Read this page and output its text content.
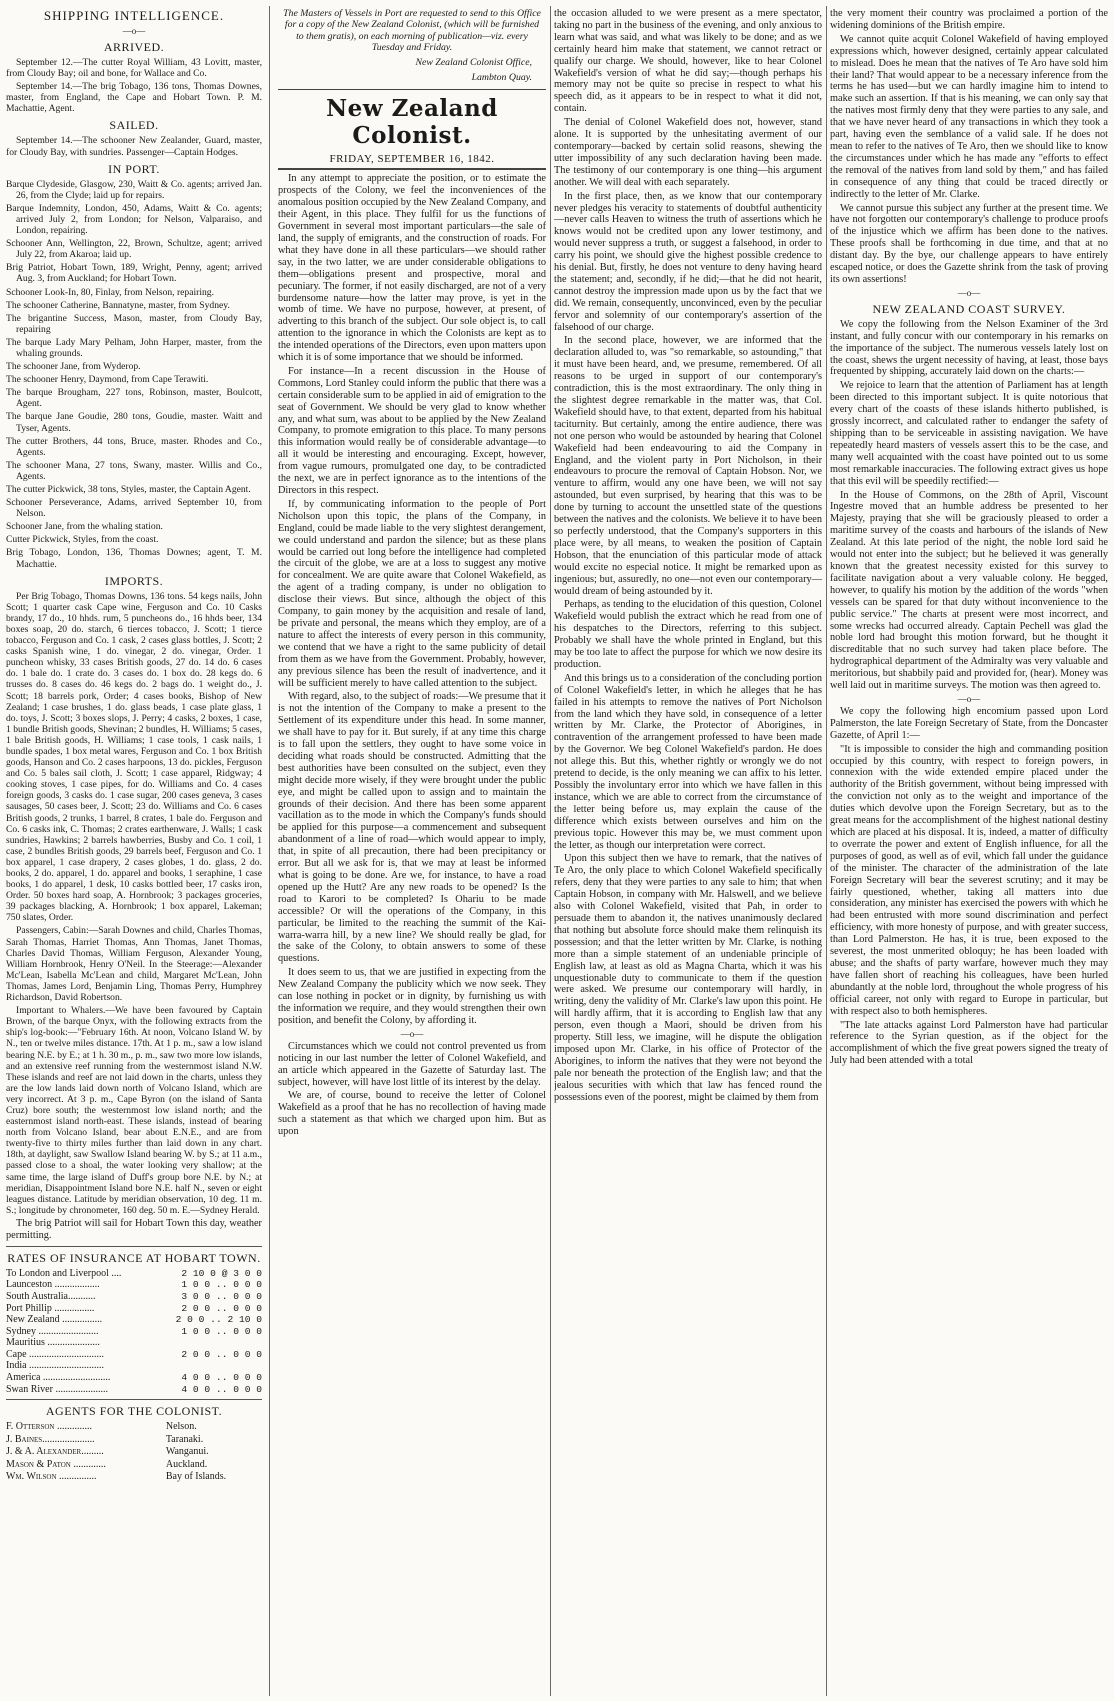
SHIPPING INTELLIGENCE.
—o—
ARRIVED.

September 12.—The cutter Royal William, 43 Lovitt, master, from Cloudy Bay; oil and bone, for Wallace and Co.

September 14.—The brig Tobago, 136 tons, Thomas Downes, master, from England, the Cape and Hobart Town. P. M. Machattie, Agent.

SAILED.

September 14.—The schooner New Zealander, Guard, master, for Cloudy Bay, with sundries. Passenger—Captain Hodges.

IN PORT.

Barque Clydeside, Glasgow, 230, Waitt & Co. agents; arrived Jan. 26, from the Clyde; laid up for repairs.

Barque Indemnity, London, 450, Adams, Waitt & Co. agents; arrived July 2, from London; for Nelson, Valparaiso, and London, repairing.

Schooner Ann, Wellington, 22, Brown, Schultze, agent; arrived July 22, from Akaroa; laid up.

Brig Patriot, Hobart Town, 189, Wright, Penny, agent; arrived Aug. 3, from Auckland; for Hobart Town.

Schooner Look-In, 80, Finlay, from Nelson, repairing.

The schooner Catherine, Bannatyne, master, from Sydney.

The brigantine Success, Mason, master, from Cloudy Bay, repairing

The barque Lady Mary Pelham, John Harper, master, from the whaling grounds.

The schooner Jane, from Wyderop.

The schooner Henry, Daymond, from Cape Terawiti.

The barque Brougham, 227 tons, Robinson, master, Boulcott, Agent.

The barque Jane Goudie, 280 tons, Goudie, master. Waitt and Tyser, Agents.

The cutter Brothers, 44 tons, Bruce, master. Rhodes and Co., Agents.

The schooner Mana, 27 tons, Swany, master. Willis and Co., Agents.

The cutter Pickwick, 38 tons, Styles, master, the Captain Agent.

Schooner Perseverance, Adams, arrived September 10, from Nelson.

Schooner Jane, from the whaling station.

Cutter Pickwick, Styles, from the coast.

Brig Tobago, London, 136, Thomas Downes; agent, T. M. Machattie.

IMPORTS.

Per Brig Tobago, Thomas Downs, 136 tons. 54 kegs nails, John Scott; 1 quarter cask Cape wine, Ferguson and Co. 10 Casks brandy, 17 do., 10 hhds. rum, 5 puncheons do., 16 hhds beer, 134 boxes soap, 20 do. starch, 6 tierces tobacco, J. Scott; 1 tierce tobacco, Ferguson and Co. 1 cask, 2 cases glass bottles, J. Scott; 2 casks Spanish wine, 1 do. vinegar, 2 do. vinegar, Order. 1 puncheon whisky, 33 cases British goods, 27 do. 14 do. 6 cases do. 1 bale do. 1 crate do. 3 cases do. 1 box do. 28 kegs do. 6 trusses do. 8 cases do. 46 kegs do. 2 bags do. 1 weight do., J. Scott; 18 barrels pork, Order; 4 cases books, Bishop of New Zealand; 1 case brushes, 1 do. glass beads, 1 case plate glass, 1 do. toys, J. Scott; 3 boxes slops, J. Perry; 4 casks, 2 boxes, 1 case, 1 bundle British goods, Shevinan; 2 bundles, H. Williams; 5 cases, 1 bale British goods, H. Williams; 1 case tools, 1 cask nails, 1 bundle spades, 1 box metal wares, Ferguson and Co. 1 box British goods, Hanson and Co. 2 cases harpoons, 13 do. pickles, Ferguson and Co. 5 bales sail cloth, J. Scott; 1 case apparel, Ridgway; 4 cooking stoves, 1 case pipes, for do. Williams and Co. 4 cases foreign goods, 3 casks do. 1 case sugar, 200 cases geneva, 3 cases sausages, 50 cases beer, J. Scott; 23 do. Williams and Co. 6 cases British goods, 2 trunks, 1 barrel, 8 crates, 1 bale do. Ferguson and Co. 6 casks ink, C. Thomas; 2 crates earthenware, J. Walls; 1 cask sundries, Hawkins; 2 barrels hawberries, Busby and Co. 1 coil, 1 case, 2 bundles British goods, 29 barrels beef, Ferguson and Co. 1 box apparel, 1 case drapery, 2 cases globes, 1 do. glass, 2 do. books, 2 do. apparel, 1 do. apparel and books, 1 seraphine, 1 case books, 1 do apparel, 1 desk, 10 casks bottled beer, 17 casks iron, Order. 50 boxes hard soap, A. Hornbrook; 3 packages groceries, 39 packages blacking, A. Hornbrook; 1 box apparel, Lakeman; 750 slates, Order.

Passengers, Cabin:—Sarah Downes and child, Charles Thomas, Sarah Thomas, Harriet Thomas, Ann Thomas, Janet Thomas, Charles David Thomas, William Ferguson, Alexander Young, William Hornbrook, Henry O'Neil. In the Steerage:—Alexander Mc'Lean, Isabella Mc'Lean and child, Margaret Mc'Lean, John Thomas, James Lord, Benjamin Ling, Thomas Perry, Humphrey Richardson, David Robertson.

Important to Whalers.—We have been favoured by Captain Brown, of the barque Onyx, with the following extracts from the ship's log-book:—"February 16th. At noon, Volcano Island W. by N., ten or twelve miles distance. 17th. At 1 p. m., saw a low island bearing N.E. by E.; at 1 h. 30 m., p. m., saw two more low islands, and an extensive reef running from the westernmost island N.W. These islands and reef are not laid down in the charts, unless they are the low lands laid down north of Volcano Island, which are very incorrect. At 3 p. m., Cape Byron (on the island of Santa Cruz) bore south; the westernmost low island north; and the easternmost island north-east. These islands, instead of bearing north from Volcano Island, bear about E.N.E., and are from twenty-five to thirty miles further than laid down in any chart. 18th, at daylight, saw Swallow Island bearing W. by S.; at 11 a.m., passed close to a shoal, the water looking very shallow; at the same time, the large island of Duff's group bore N.E. by N.; at meridian, Disappointment Island bore N.E. half N., seven or eight leagues distance. Latitude by meridian observation, 10 deg. 11 m. S.; longitude by chronometer, 160 deg. 50 m. E.—Sydney Herald.

The brig Patriot will sail for Hobart Town this day, weather permitting.

RATES OF INSURANCE AT HOBART TOWN.
To London and Liverpool ....	2 10 0 @ 3 0 0
Launceston ..................	1 0 0 .. 0 0 0
South Australia...........	3 0 0 .. 0 0 0
Port Phillip ................	2 0 0 .. 0 0 0
New Zealand ................	2 0 0 .. 2 10 0
Sydney ........................	1 0 0 .. 0 0 0
Mauritius .....................	
Cape ..............................	2 0 0 .. 0 0 0
India ..............................	
America ...........................	4 0 0 .. 0 0 0
Swan River .....................	4 0 0 .. 0 0 0
AGENTS FOR THE COLONIST.
F. Otterson ..............	Nelson.
J. Baines.....................	Taranaki.
J. & A. Alexander.........	Wanganui.
Mason & Paton .............	Auckland.
Wm. Wilson ...............	Bay of Islands.
The Masters of Vessels in Port are requested to send to this Office for a copy of the New Zealand Colonist, (which will be furnished to them gratis), on each morning of publication—viz. every Tuesday and Friday.
New Zealand Colonist Office,
Lambton Quay.
New Zealand Colonist.
FRIDAY, SEPTEMBER 16, 1842.

In any attempt to appreciate the position, or to estimate the prospects of the Colony, we feel the inconveniences of the anomalous position occupied by the New Zealand Company, and their Agent, in this place. They fulfil for us the functions of Government in several most important particulars—the sale of land, the supply of emigrants, and the construction of roads. For what they have done in all these particulars—we should rather say, in the two latter, we are under considerable obligations to them—obligations present and prospective, moral and pecuniary. The former, if not easily discharged, are not of a very burdensome nature—how the latter may prove, is yet in the womb of time. We have no purpose, however, at present, of adverting to this branch of the subject. Our sole object is, to call attention to the ignorance in which the Colonists are kept as to the intended operations of the Directors, even upon matters upon which it is of some importance that we should be informed.

For instance—In a recent discussion in the House of Commons, Lord Stanley could inform the public that there was a certain considerable sum to be applied in aid of emigration to the seat of Government. We should be very glad to know whether any, and what sum, was about to be applied by the New Zealand Company, to promote emigration to this place. To many persons this information would really be of considerable advantage—to all it would be interesting and encouraging. Except, however, from vague rumours, promulgated one day, to be contradicted the next, we are in perfect ignorance as to the intentions of the Directors in this respect.

If, by communicating information to the people of Port Nicholson upon this topic, the plans of the Company, in England, could be made liable to the very slightest derangement, we could understand and pardon the silence; but as these plans would be carried out long before the intelligence had completed the circuit of the globe, we are at a loss to suggest any motive for concealment. We are quite aware that Colonel Wakefield, as the agent of a trading company, is under no obligation to disclose their views. But since, although the object of this Company, to gain money by the acquisition and resale of land, be private and personal, the means which they employ, are of a nature to affect the interests of every person in this community, we contend that we have a right to the same publicity of detail from them as we have from the Government. Probably, however, any previous silence has been the result of inadvertence, and it will be sufficient merely to have called attention to the subject.

With regard, also, to the subject of roads:—We presume that it is not the intention of the Company to make a present to the Settlement of its expenditure under this head. In some manner, we shall have to pay for it. But surely, if at any time this charge is to fall upon the settlers, they ought to have some voice in deciding what roads should be constructed. Admitting that the best authorities have been consulted on the subject, even they might decide more wisely, if they were brought under the public eye, and might be called upon to assign and to maintain the grounds of their decision. And there has been some apparent vacillation as to the mode in which the Company's funds should be applied for this purpose—a commencement and subsequent abandonment of a line of road—which would appear to imply, that, in spite of all precaution, there had been precipitancy or error. But all we ask for is, that we may at least be informed what is going to be done. Are we, for instance, to have a road opened up the Hutt? Are any new roads to be opened? Is the road to Karori to be completed? Is Ohariu to be made accessible? Or will the operations of the Company, in this particular, be limited to the reaching the summit of the Kai-warra-warra hill, by a new line? We should really be glad, for the sake of the Colony, to obtain answers to some of these questions.

It does seem to us, that we are justified in expecting from the New Zealand Company the publicity which we now seek. They can lose nothing in pocket or in dignity, by furnishing us with the information we require, and they would strengthen their own position, and benefit the Colony, by affording it.

—o—

Circumstances which we could not control prevented us from noticing in our last number the letter of Colonel Wakefield, and an article which appeared in the Gazette of Saturday last. The subject, however, will have lost little of its interest by the delay.

We are, of course, bound to receive the letter of Colonel Wakefield as a proof that he has no recollection of having made such a statement as that which we charged upon him. But as upon

the occasion alluded to we were present as a mere spectator, taking no part in the business of the evening, and only anxious to learn what was said, and what was likely to be done; and as we certainly heard him make that statement, we cannot retract or qualify our charge. We should, however, like to hear Colonel Wakefield's version of what he did say;—though perhaps his memory may not be quite so precise in respect to what his speech did, as it appears to be in respect to what it did not, contain.

The denial of Colonel Wakefield does not, however, stand alone. It is supported by the unhesitating averment of our contemporary—backed by certain solid reasons, shewing the utter impossibility of any such declaration having been made. The testimony of our contemporary is one thing—his argument another. We will deal with each separately.

In the first place, then, as we know that our contemporary never pledges his veracity to statements of doubtful authenticity—never calls Heaven to witness the truth of assertions which he knows would not be credited upon any lower testimony, and would never suppress a truth, or suggest a falsehood, in order to carry his point, we should give the highest possible credence to his denial. But, firstly, he does not venture to deny having heard the statement; and, secondly, if he did;—that he did not hearit, cannot destroy the impression made upon us by the fact that we did. We remain, consequently, unconvinced, even by the peculiar fervor and solemnity of our contemporary's assertion of the falsehood of our charge.

In the second place, however, we are informed that the declaration alluded to, was "so remarkable, so astounding," that it must have been heard, and, we presume, remembered. Of all reasons to be urged in support of our contemporary's contradiction, this is the most extraordinary. The only thing in the slightest degree remarkable in the matter was, that Col. Wakefield should have, to that extent, departed from his habitual taciturnity. But certainly, among the entire audience, there was not one person who would be astounded by hearing that Colonel Wakefield had been endeavouring to aid the Company in England, and the violent party in Port Nicholson, in their endeavours to procure the removal of Captain Hobson. Nor, we venture to affirm, would any one have been, we will not say astounded, but even surprised, by hearing that this was to be done by turning to account the unsettled state of the questions between the natives and the colonists. We believe it to have been so perfectly understood, that the Company's supporters in this place were, by all means, to weaken the position of Captain Hobson, that the enunciation of this particular mode of attack would excite no especial notice. It might be remarked upon as ingenious; but, assuredly, no one—not even our contemporary—would dream of being astounded by it.

Perhaps, as tending to the elucidation of this question, Colonel Wakefield would publish the extract which he read from one of his despatches to the Directors, referring to this subject. Probably we shall have the whole printed in England, but this may be too late to affect the purpose for which we now desire its production.

And this brings us to a consideration of the concluding portion of Colonel Wakefield's letter, in which he alleges that he has failed in his attempts to remove the natives of Port Nicholson from the land which they have sold, in consequence of a letter written by Mr. Clarke, the Protector of Aborigines, in contravention of the arrangement professed to have been made by the Governor. We beg Colonel Wakefield's pardon. He does not allege this. But this, whether rightly or wrongly we do not pretend to decide, is the only meaning we can affix to his letter. Possibly the involuntary error into which we have fallen in this instance, which we are able to correct from the circumstance of the letter being before us, may explain the cause of the difference which exists between ourselves and him on the previous topic. However this may be, we must comment upon the letter, as though our interpretation were correct.

Upon this subject then we have to remark, that the natives of Te Aro, the only place to which Colonel Wakefield specifically refers, deny that they were parties to any sale to him; that when Captain Hobson, in company with Mr. Halswell, and we believe also with Colonel Wakefield, visited that Pah, in order to persuade them to abandon it, the natives unanimously declared that nothing but absolute force should make them relinquish its possession; and that the letter written by Mr. Clarke, is nothing more than a simple statement of an undeniable principle of English law, at least as old as Magna Charta, which it was his unquestionable duty to communicate to them if the question were asked. We presume our contemporary will hardly, in writing, deny the validity of Mr. Clarke's law upon this point. He will hardly affirm, that it is according to English law that any person, even though a Maori, should be driven from his property. Still less, we imagine, will he dispute the obligation imposed upon Mr. Clarke, in his office of Protector of the Aborigines, to inform the natives that they were not beyond the pale nor beneath the protection of the English law; and that the jealous securities with which that law has fenced round the possessions even of the poorest, might be claimed by them from

the very moment their country was proclaimed a portion of the widening dominions of the British empire.

We cannot quite acquit Colonel Wakefield of having employed expressions which, however designed, certainly appear calculated to mislead. Does he mean that the natives of Te Aro have sold him their land? That would appear to be a necessary inference from the terms he has used—but we can hardly imagine him to intend to make such an assertion. If that is his meaning, we can only say that the natives most firmly deny that they were parties to any sale, and that we have never heard of any transactions in which they took a part, having even the semblance of a valid sale. If he does not mean to refer to the natives of Te Aro, then we should like to know the circumstances under which he has made any "efforts to effect the removal of the natives from land sold by them," and has failed in consequence of any thing that could be traced directly or indirectly to the letter of Mr. Clarke.

We cannot pursue this subject any further at the present time. We have not forgotten our contemporary's challenge to produce proofs of the injustice which we affirm has been done to the natives. These proofs shall be forthcoming in due time, and that at no distant day. By the bye, our challenge appears to have entirely escaped notice, or does the Gazette shrink from the task of proving its own assertions!

—o—
NEW ZEALAND COAST SURVEY.

We copy the following from the Nelson Examiner of the 3rd instant, and fully concur with our contemporary in his remarks on the importance of the subject. The numerous vessels lately lost on the coast, shews the urgent necessity of having, at least, those bays frequented by shipping, accurately laid down on the charts:—

We rejoice to learn that the attention of Parliament has at length been directed to this important subject. It is quite notorious that every chart of the coasts of these islands hitherto published, is grossly incorrect, and calculated rather to endanger the safety of shipping than to be serviceable in assisting navigation. We have repeatedly heard masters of vessels assert this to be the case, and many well acquainted with the coast have pointed out to us some most remarkable inaccuracies. The following extract gives us hope that this evil will be speedily rectified:—

In the House of Commons, on the 28th of April, Viscount Ingestre moved that an humble address be presented to her Majesty, praying that she will be graciously pleased to order a maritime survey of the coasts and harbours of the islands of New Zealand. At this late period of the night, the noble lord said he would not enter into the subject; but he believed it was generally known that the greatest necessity existed for this survey to facilitate navigation about a very valuable colony. He begged, however, to qualify his motion by the addition of the words "when vessels can be spared for that duty without inconvenience to the public service." The charts at present were most incorrect, and some wrecks had occurred already. Captain Pechell was glad the noble lord had brought this motion forward, but he thought it discreditable that no such survey had taken place before. The hydrographical department of the Admiralty was very valuable and meritorious, but shabbily paid and provided for, (hear). Money was well laid out in maritime surveys. The motion was then agreed to.

—o—

We copy the following high encomium passed upon Lord Palmerston, the late Foreign Secretary of State, from the Doncaster Gazette, of April 1:—

"It is impossible to consider the high and commanding position occupied by this country, with respect to foreign powers, in connexion with the wide extended empire placed under the authority of the British government, without being impressed with the conviction not only as to the weight and importance of the duties which devolve upon the Foreign Secretary, but as to the great means for the accomplishment of the highest national destiny which are placed at his disposal. It is, indeed, a matter of difficulty to overrate the power and extent of English influence, for all the purposes of good, as well as of evil, which fall under the guidance of the minister. The character of the administration of the late Foreign Secretary will bear the severest scrutiny; and it may be fairly questioned, whether, taking all matters into due consideration, any minister has exercised the powers with which he had been entrusted with more sound discrimination and perfect efficiency, with more honesty of purpose, and with greater success, than Lord Palmerston. He has, it is true, been exposed to the severest, the most unmerited obloquy; he has been loaded with abuse; and the shafts of party warfare, however much they may have fallen short of reaching his colleagues, have been hurled abundantly at the noble lord, throughout the whole progress of his official career, not only with regard to Europe in particular, but with respect also to both hemispheres.

"The late attacks against Lord Palmerston have had particular reference to the Syrian question, as if the object for the accomplishment of which the five great powers signed the treaty of July had been attended with a total
